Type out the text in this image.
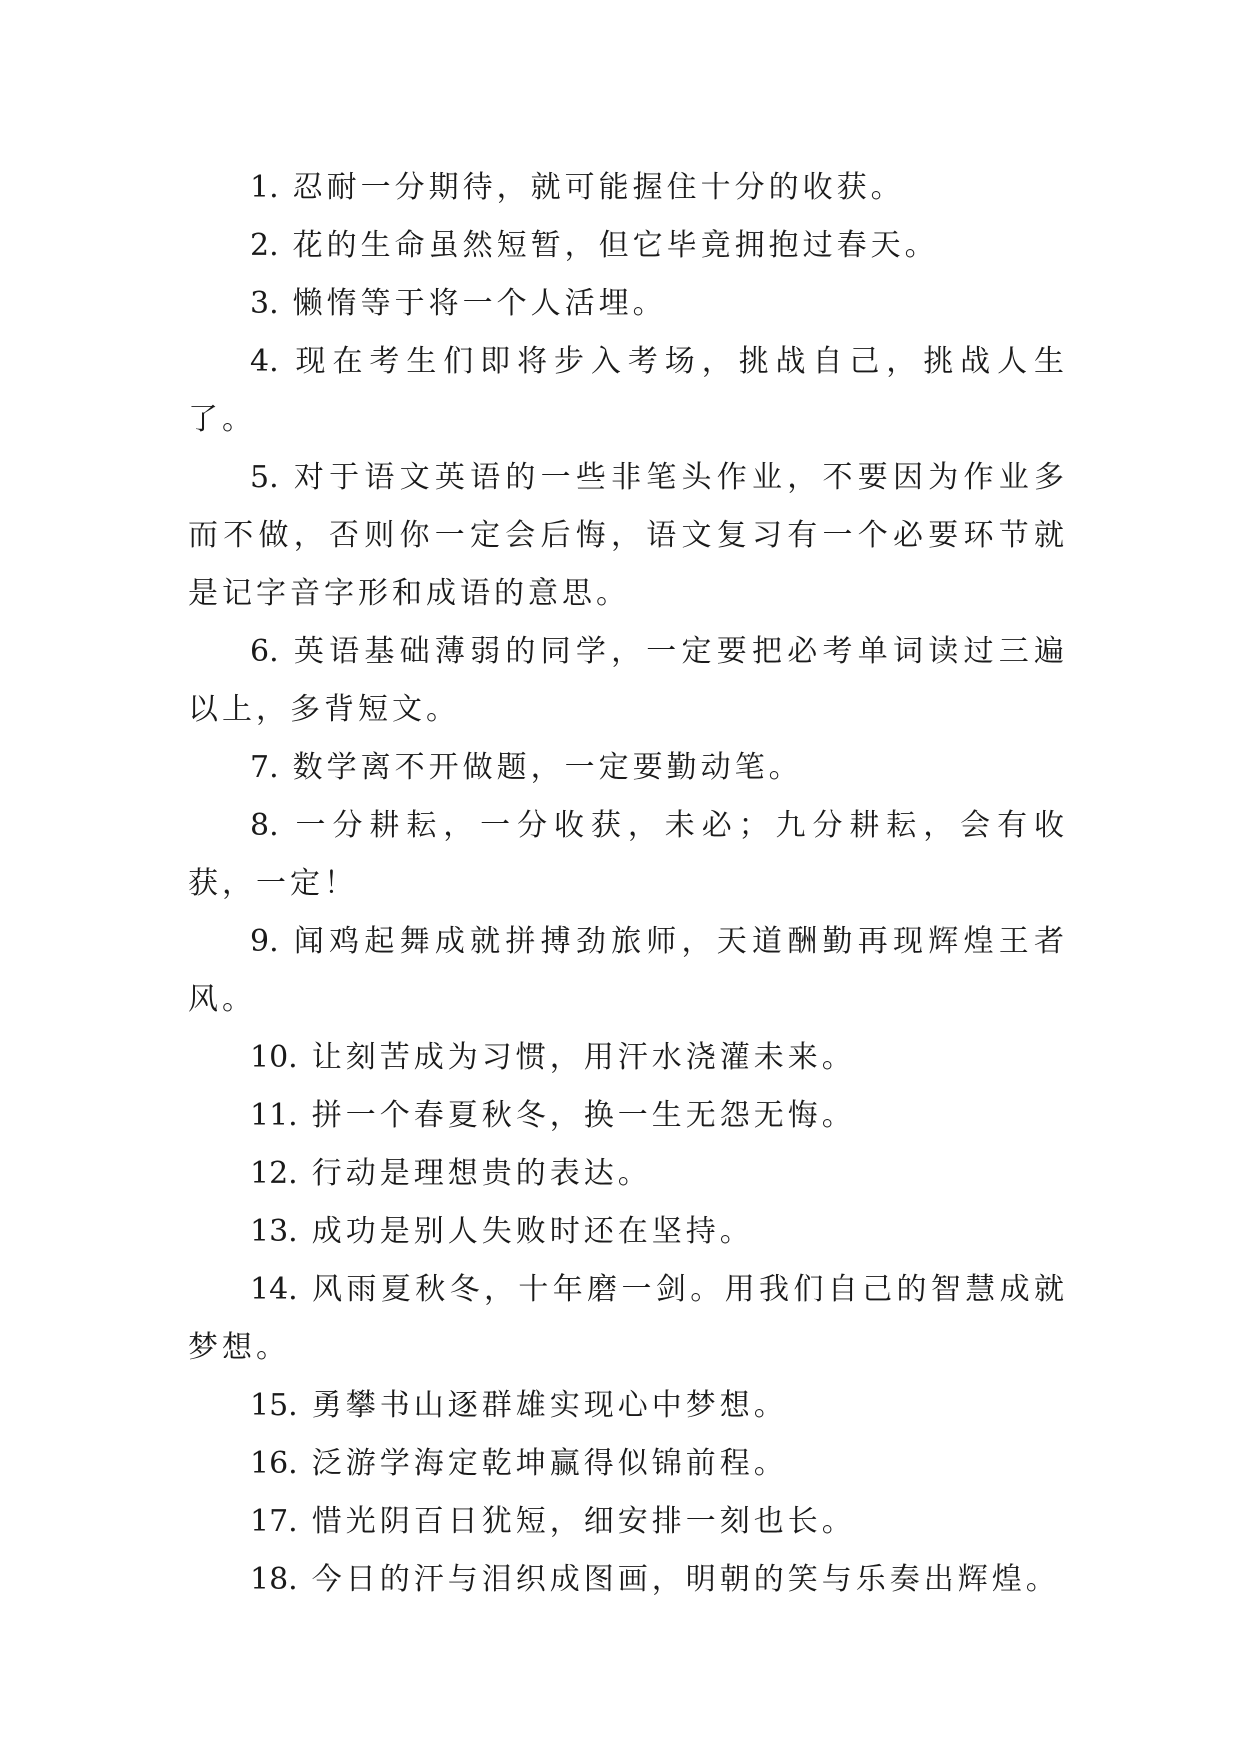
1. 忍耐一分期待，就可能握住十分的收获。

2. 花的生命虽然短暂，但它毕竟拥抱过春天。

3. 懒惰等于将一个人活埋。

4. 现在考生们即将步入考场，挑战自己，挑战人生了。

5. 对于语文英语的一些非笔头作业，不要因为作业多而不做，否则你一定会后悔，语文复习有一个必要环节就是记字音字形和成语的意思。

6. 英语基础薄弱的同学，一定要把必考单词读过三遍以上，多背短文。

7. 数学离不开做题，一定要勤动笔。

8. 一分耕耘，一分收获，未必；九分耕耘，会有收获，一定！

9. 闻鸡起舞成就拼搏劲旅师，天道酬勤再现辉煌王者风。

10. 让刻苦成为习惯，用汗水浇灌未来。

11. 拼一个春夏秋冬，换一生无怨无悔。

12. 行动是理想贵的表达。

13. 成功是别人失败时还在坚持。

14. 风雨夏秋冬，十年磨一剑。用我们自己的智慧成就梦想。

15. 勇攀书山逐群雄实现心中梦想。

16. 泛游学海定乾坤赢得似锦前程。

17. 惜光阴百日犹短，细安排一刻也长。

18. 今日的汗与泪织成图画，明朝的笑与乐奏出辉煌。
